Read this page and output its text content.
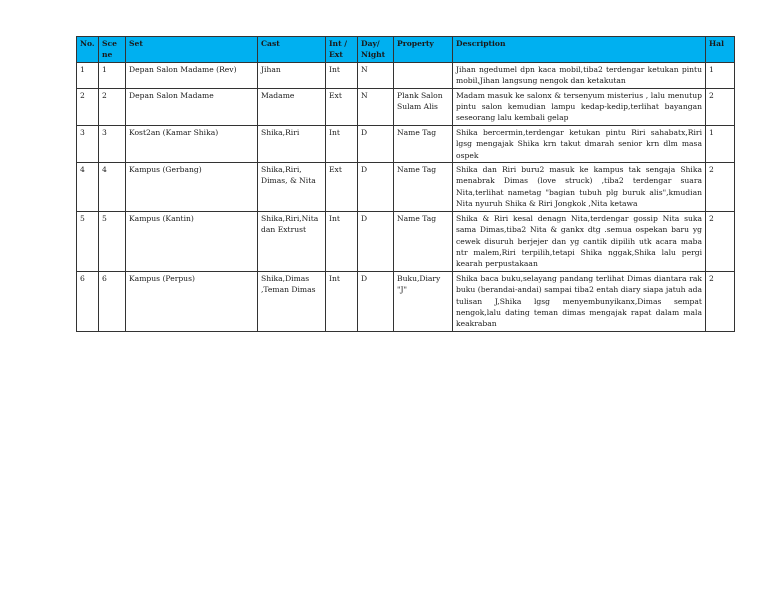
No.	Scene	Set	Cast	Int / Ext	Day/ Night	Property	Description	Hal
1	1	Depan Salon Madame (Rev)	Jihan	Int	N		Jihan ngedumel dpn kaca mobil,tiba2 terdengar ketukan pintu mobil,Jihan langsung nengok dan ketakutan	1
2	2	Depan Salon Madame	Madame	Ext	N	Plank Salon Sulam Alis	Madam masuk ke salonx & tersenyum misterius , lalu menutup pintu salon kemudian lampu kedap-kedip,terlihat bayangan seseorang lalu kembali gelap	2
3	3	Kost2an (Kamar Shika)	Shika,Riri	Int	D	Name Tag	Shika bercermin,terdengar ketukan pintu Riri sahabatx,Riri lgsg mengajak Shika krn takut dmarah senior krn dlm masa ospek	1
4	4	Kampus (Gerbang)	Shika,Riri, Dimas, & Nita	Ext	D	Name Tag	Shika dan Riri buru2 masuk ke kampus tak sengaja Shika menabrak Dimas (love struck) ,tiba2 terdengar suara Nita,terlihat nametag "bagian tubuh plg buruk alis",kmudian Nita nyuruh Shika & Riri Jongkok ,Nita ketawa	2
5	5	Kampus (Kantin)	Shika,Riri,Nita dan Extrust	Int	D	Name Tag	Shika & Riri kesal denagn Nita,terdengar gossip Nita suka sama Dimas,tiba2 Nita & gankx dtg .semua ospekan baru yg cewek disuruh berjejer dan yg cantik dipilih utk acara maba ntr malem,Riri terpilih,tetapi Shika nggak,Shika lalu pergi kearah perpustakaan	2
6	6	Kampus (Perpus)	Shika,Dimas ,Teman Dimas	Int	D	Buku,Diary "J"	Shika baca buku,selayang pandang terlihat Dimas diantara rak buku (berandai-andai) sampai tiba2 entah diary siapa jatuh ada tulisan J,Shika lgsg menyembunyikanx,Dimas sempat nengok,lalu dating teman dimas mengajak rapat dalam mala keakraban	2
